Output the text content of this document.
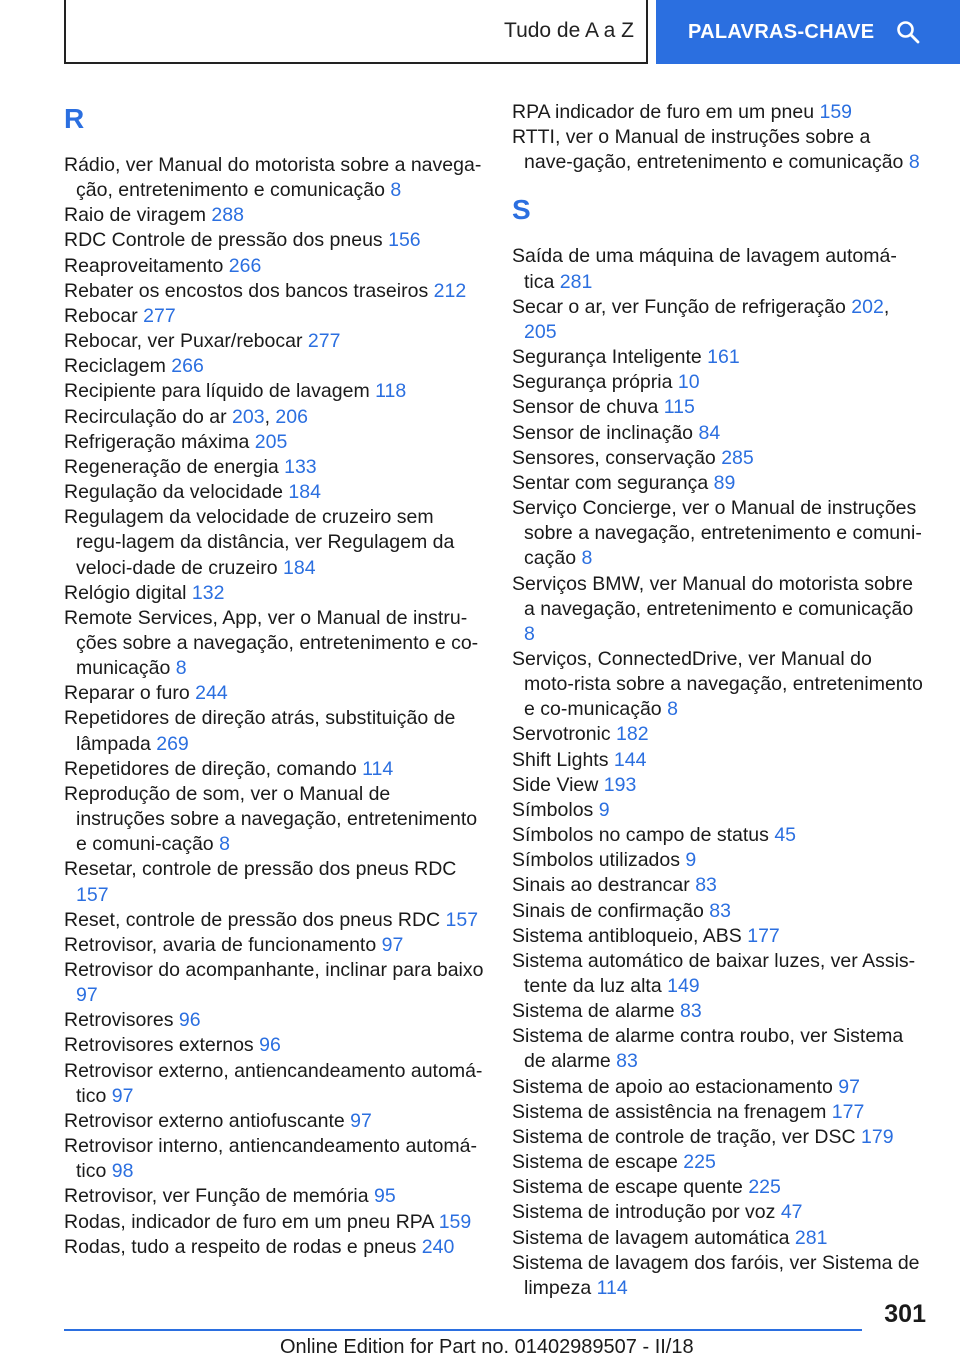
Tudo de A a Z	PALAVRAS-CHAVE
R
Rádio, ver Manual do motorista sobre a navega‐ção, entretenimento e comunicação 8
Raio de viragem 288
RDC Controle de pressão dos pneus 156
Reaproveitamento 266
Rebater os encostos dos bancos traseiros 212
Rebocar 277
Rebocar, ver Puxar/rebocar 277
Reciclagem 266
Recipiente para líquido de lavagem 118
Recirculação do ar 203, 206
Refrigeração máxima 205
Regeneração de energia 133
Regulação da velocidade 184
Regulagem da velocidade de cruzeiro sem regu‐lagem da distância, ver Regulagem da veloci‐dade de cruzeiro 184
Relógio digital 132
Remote Services, App, ver o Manual de instru‐ções sobre a navegação, entretenimento e co‐municação 8
Reparar o furo 244
Repetidores de direção atrás, substituição de lâmpada 269
Repetidores de direção, comando 114
Reprodução de som, ver o Manual de instruções sobre a navegação, entretenimento e comuni‐cação 8
Resetar, controle de pressão dos pneus RDC 157
Reset, controle de pressão dos pneus RDC 157
Retrovisor, avaria de funcionamento 97
Retrovisor do acompanhante, inclinar para baixo 97
Retrovisores 96
Retrovisores externos 96
Retrovisor externo, antiencandeamento automá‐tico 97
Retrovisor externo antiofuscante 97
Retrovisor interno, antiencandeamento automá‐tico 98
Retrovisor, ver Função de memória 95
Rodas, indicador de furo em um pneu RPA 159
Rodas, tudo a respeito de rodas e pneus 240
RPA indicador de furo em um pneu 159
RTTI, ver o Manual de instruções sobre a nave‐gação, entretenimento e comunicação 8
S
Saída de uma máquina de lavagem automá‐tica 281
Secar o ar, ver Função de refrigeração 202, 205
Segurança Inteligente 161
Segurança própria 10
Sensor de chuva 115
Sensor de inclinação 84
Sensores, conservação 285
Sentar com segurança 89
Serviço Concierge, ver o Manual de instruções sobre a navegação, entretenimento e comuni‐cação 8
Serviços BMW, ver Manual do motorista sobre a navegação, entretenimento e comunicação 8
Serviços, ConnectedDrive, ver Manual do moto‐rista sobre a navegação, entretenimento e co‐municação 8
Servotronic 182
Shift Lights 144
Side View 193
Símbolos 9
Símbolos no campo de status 45
Símbolos utilizados 9
Sinais ao destrancar 83
Sinais de confirmação 83
Sistema antibloqueio, ABS 177
Sistema automático de baixar luzes, ver Assis‐tente da luz alta 149
Sistema de alarme 83
Sistema de alarme contra roubo, ver Sistema de alarme 83
Sistema de apoio ao estacionamento 97
Sistema de assistência na frenagem 177
Sistema de controle de tração, ver DSC 179
Sistema de escape 225
Sistema de escape quente 225
Sistema de introdução por voz 47
Sistema de lavagem automática 281
Sistema de lavagem dos faróis, ver Sistema de limpeza 114
301
Online Edition for Part no. 01402989507 - II/18
